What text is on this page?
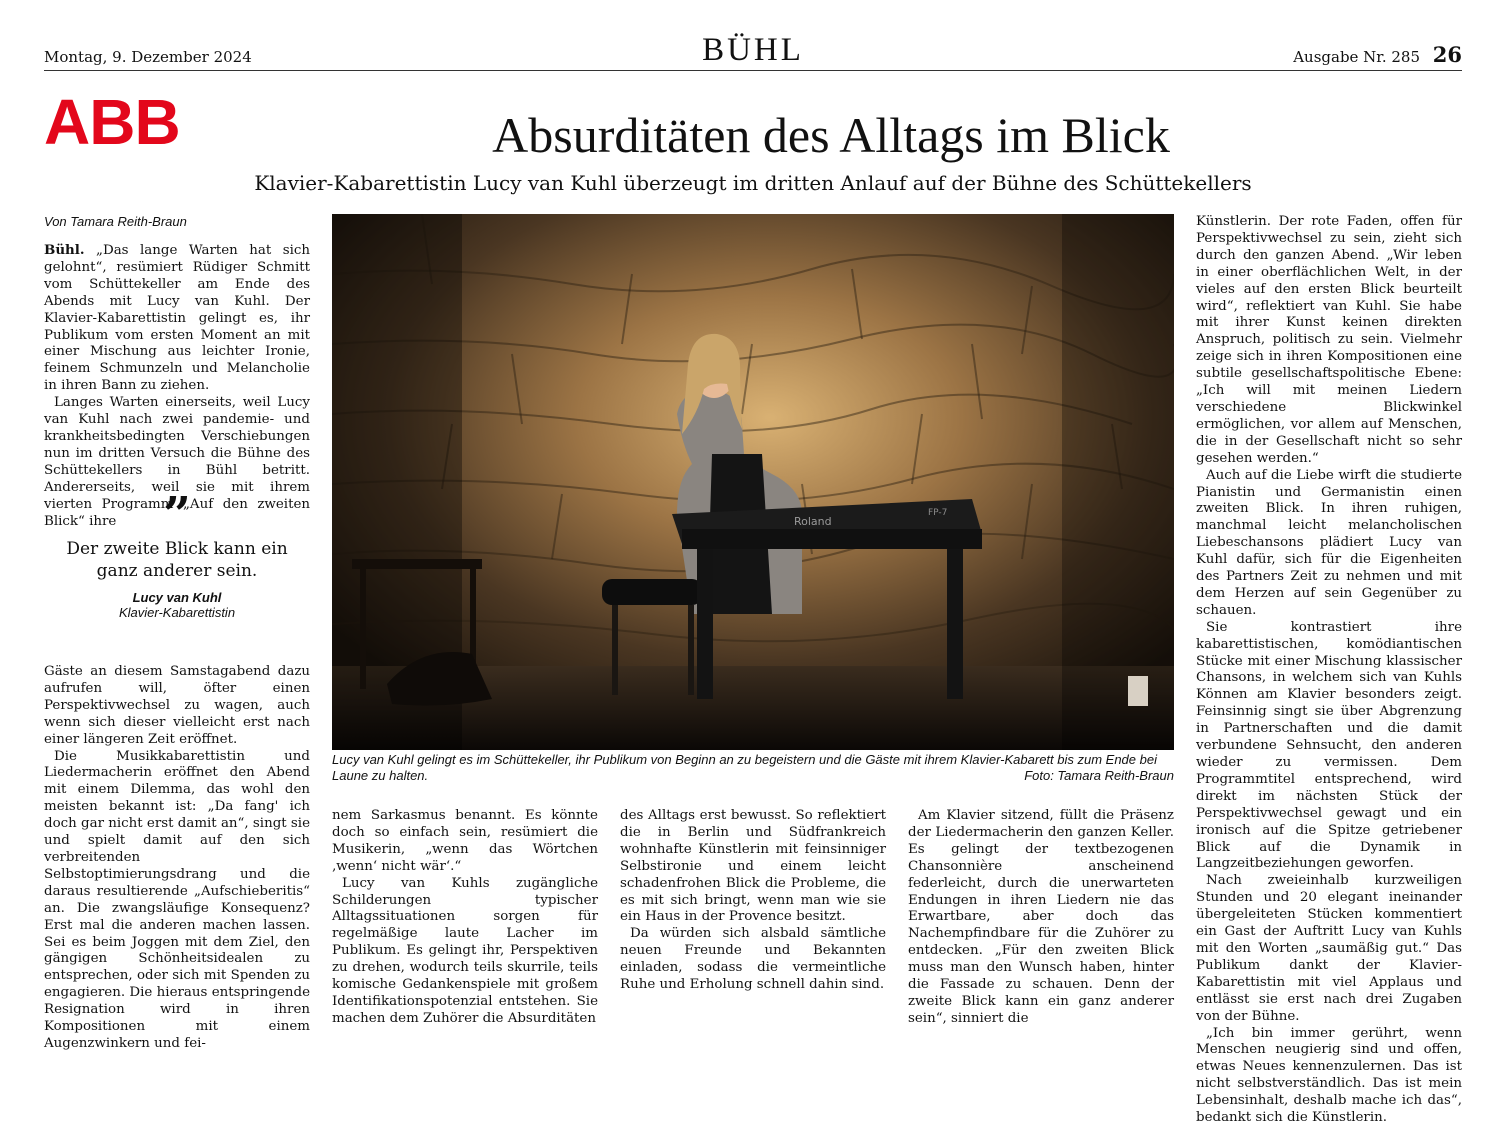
Montag, 9. Dezember 2024	BÜHL	Ausgabe Nr. 285 26
ABB	Absurditäten des Alltags im Blick
Klavier-Kabarettistin Lucy van Kuhl überzeugt im dritten Anlauf auf der Bühne des Schüttekellers
Von Tamara Reith-Braun

Bühl. „Das lange Warten hat sich gelohnt“, resümiert Rüdiger Schmitt vom Schüttekeller am Ende des Abends mit Lucy van Kuhl. Der Klavier-Kabarettistin gelingt es, ihr Publikum vom ersten Moment an mit einer Mischung aus leichter Ironie, feinem Schmunzeln und Melancholie in ihren Bann zu ziehen.

Langes Warten einerseits, weil Lucy van Kuhl nach zwei pandemie- und krankheitsbedingten Verschiebungen nun im dritten Versuch die Bühne des Schüttekellers in Bühl betritt. Andererseits, weil sie mit ihrem vierten Programm „Auf den zweiten Blick“ ihre ”
Der zweite Blick kann ein ganz anderer sein.
Lucy van Kuhl
Klavier-Kabarettistin

Gäste an diesem Samstagabend dazu aufrufen will, öfter einen Perspektivwechsel zu wagen, auch wenn sich dieser vielleicht erst nach einer längeren Zeit eröffnet.

Die Musikkabarettistin und Liedermacherin eröffnet den Abend mit einem Dilemma, das wohl den meisten bekannt ist: „Da fang' ich doch gar nicht erst damit an“, singt sie und spielt damit auf den sich verbreitenden Selbstoptimierungsdrang und die daraus resultierende „Aufschieberitis“ an. Die zwangsläufige Konsequenz? Erst mal die anderen machen lassen. Sei es beim Joggen mit dem Ziel, den gängigen Schönheitsidealen zu entsprechen, oder sich mit Spenden zu engagieren. Die hieraus entspringende Resignation wird in ihren Kompositionen mit einem Augenzwinkern und fei-

Roland
FP-7
Lucy van Kuhl gelingt es im Schüttekeller, ihr Publikum von Beginn an zu begeistern und die Gäste mit ihrem Klavier-Kabarett bis zum Ende bei Laune zu halten.	Foto: Tamara Reith-Braun

nem Sarkasmus benannt. Es könnte doch so einfach sein, resümiert die Musikerin, „wenn das Wörtchen ‚wenn‘ nicht wär‘.“

Lucy van Kuhls zugängliche Schilderungen typischer Alltagssituationen sorgen für regelmäßige laute Lacher im Publikum. Es gelingt ihr, Perspektiven zu drehen, wodurch teils skurrile, teils komische Gedankenspiele mit großem Identifikationspotenzial entstehen. Sie machen dem Zuhörer die Absurditäten

des Alltags erst bewusst. So reflektiert die in Berlin und Südfrankreich wohnhafte Künstlerin mit feinsinniger Selbstironie und einem leicht schadenfrohen Blick die Probleme, die es mit sich bringt, wenn man wie sie ein Haus in der Provence besitzt.

Da würden sich alsbald sämtliche neuen Freunde und Bekannten einladen, sodass die vermeintliche Ruhe und Erholung schnell dahin sind.

Am Klavier sitzend, füllt die Präsenz der Liedermacherin den ganzen Keller. Es gelingt der textbezogenen Chansonnière anscheinend federleicht, durch die unerwarteten Endungen in ihren Liedern nie das Erwartbare, aber doch das Nachempfindbare für die Zuhörer zu entdecken. „Für den zweiten Blick muss man den Wunsch haben, hinter die Fassade zu schauen. Denn der zweite Blick kann ein ganz anderer sein“, sinniert die

Künstlerin. Der rote Faden, offen für Perspektivwechsel zu sein, zieht sich durch den ganzen Abend. „Wir leben in einer oberflächlichen Welt, in der vieles auf den ersten Blick beurteilt wird“, reflektiert van Kuhl. Sie habe mit ihrer Kunst keinen direkten Anspruch, politisch zu sein. Vielmehr zeige sich in ihren Kompositionen eine subtile gesellschaftspolitische Ebene: „Ich will mit meinen Liedern verschiedene Blickwinkel ermöglichen, vor allem auf Menschen, die in der Gesellschaft nicht so sehr gesehen werden.“

Auch auf die Liebe wirft die studierte Pianistin und Germanistin einen zweiten Blick. In ihren ruhigen, manchmal leicht melancholischen Liebeschansons plädiert Lucy van Kuhl dafür, sich für die Eigenheiten des Partners Zeit zu nehmen und mit dem Herzen auf sein Gegenüber zu schauen.

Sie kontrastiert ihre kabarettistischen, komödiantischen Stücke mit einer Mischung klassischer Chansons, in welchem sich van Kuhls Können am Klavier besonders zeigt. Feinsinnig singt sie über Abgrenzung in Partnerschaften und die damit verbundene Sehnsucht, den anderen wieder zu vermissen. Dem Programmtitel entsprechend, wird direkt im nächsten Stück der Perspektivwechsel gewagt und ein ironisch auf die Spitze getriebener Blick auf die Dynamik in Langzeitbeziehungen geworfen.

Nach zweieinhalb kurzweiligen Stunden und 20 elegant ineinander übergeleiteten Stücken kommentiert ein Gast der Auftritt Lucy van Kuhls mit den Worten „saumäßig gut.“ Das Publikum dankt der Klavier-Kabarettistin mit viel Applaus und entlässt sie erst nach drei Zugaben von der Bühne.

„Ich bin immer gerührt, wenn Menschen neugierig sind und offen, etwas Neues kennenzulernen. Das ist nicht selbstverständlich. Das ist mein Lebensinhalt, deshalb mache ich das“, bedankt sich die Künstlerin.
